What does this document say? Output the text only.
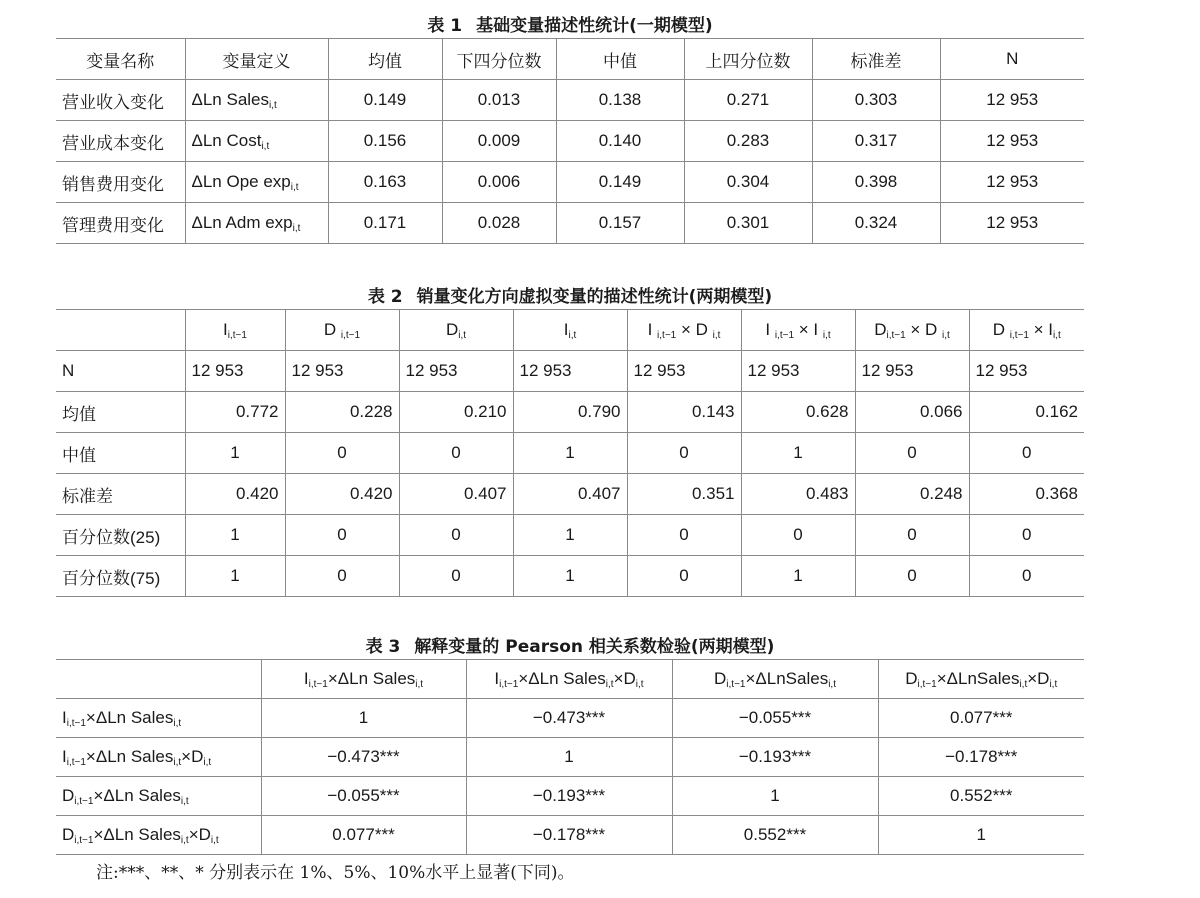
表 1 基础变量描述性统计(一期模型)
变量名称	变量定义	均值	下四分位数	中值	上四分位数	标准差	N
营业收入变化	ΔLn Sales$_{i,t}$	0.149	0.013	0.138	0.271	0.303	12 953
营业成本变化	ΔLn Cost$_{i,t}$	0.156	0.009	0.140	0.283	0.317	12 953
销售费用变化	ΔLn Ope $\exp_{i,t}$	0.163	0.006	0.149	0.304	0.398	12 953
管理费用变化	ΔLn Adm $\exp_{i,t}$	0.171	0.028	0.157	0.301	0.324	12 953
表 2 销量变化方向虚拟变量的描述性统计(两期模型)
	$I_{i,t-1}$	D $_{i,t-1}$	$D_{i,t}$	$I_{i,t}$	I $_{i,t-1}$ × D $_{i,t}$	I $_{i,t-1}$ × I $_{i,t}$	$D_{i,t-1} \times D$ $_{i,t}$	D $_{i,t-1} \times I_{i,t}$
N	12 953	12 953	12 953	12 953	12 953	12 953	12 953	12 953
均值	0.772	0.228	0.210	0.790	0.143	0.628	0.066	0.162
中值	1	0	0	1	0	1	0	0
标准差	0.420	0.420	0.407	0.407	0.351	0.483	0.248	0.368
百分位数(25)	1	0	0	1	0	0	0	0
百分位数(75)	1	0	0	1	0	1	0	0
表 3 解释变量的 Pearson 相关系数检验(两期模型)
	$I_{i,t-1}\times\Delta Ln$ Sales$_{i,t}$	$I_{i,t-1}\times\Delta Ln$ $Sales_{i,t}\times D_{i,t}$	$D_{i,t-1}\times\Delta LnSales_{i,t}$	$D_{i,t-1}\times\Delta LnSales_{i,t}\times D_{i,t}$
$I_{i,t-1}\times\Delta Ln$ Sales$_{i,t}$	1	−0.473***	−0.055***	0.077***
$I_{i,t-1}\times\Delta Ln$ $Sales_{i,t}\times D_{i,t}$	−0.473***	1	−0.193***	−0.178***
$D_{i,t-1}\times\Delta Ln$ Sales$_{i,t}$	−0.055***	−0.193***	1	0.552***
$D_{i,t-1}\times\Delta Ln$ $Sales_{i,t}\times D_{i,t}$	0.077***	−0.178***	0.552***	1
注:***、**、* 分别表示在 1%、5%、10%水平上显著(下同)。
